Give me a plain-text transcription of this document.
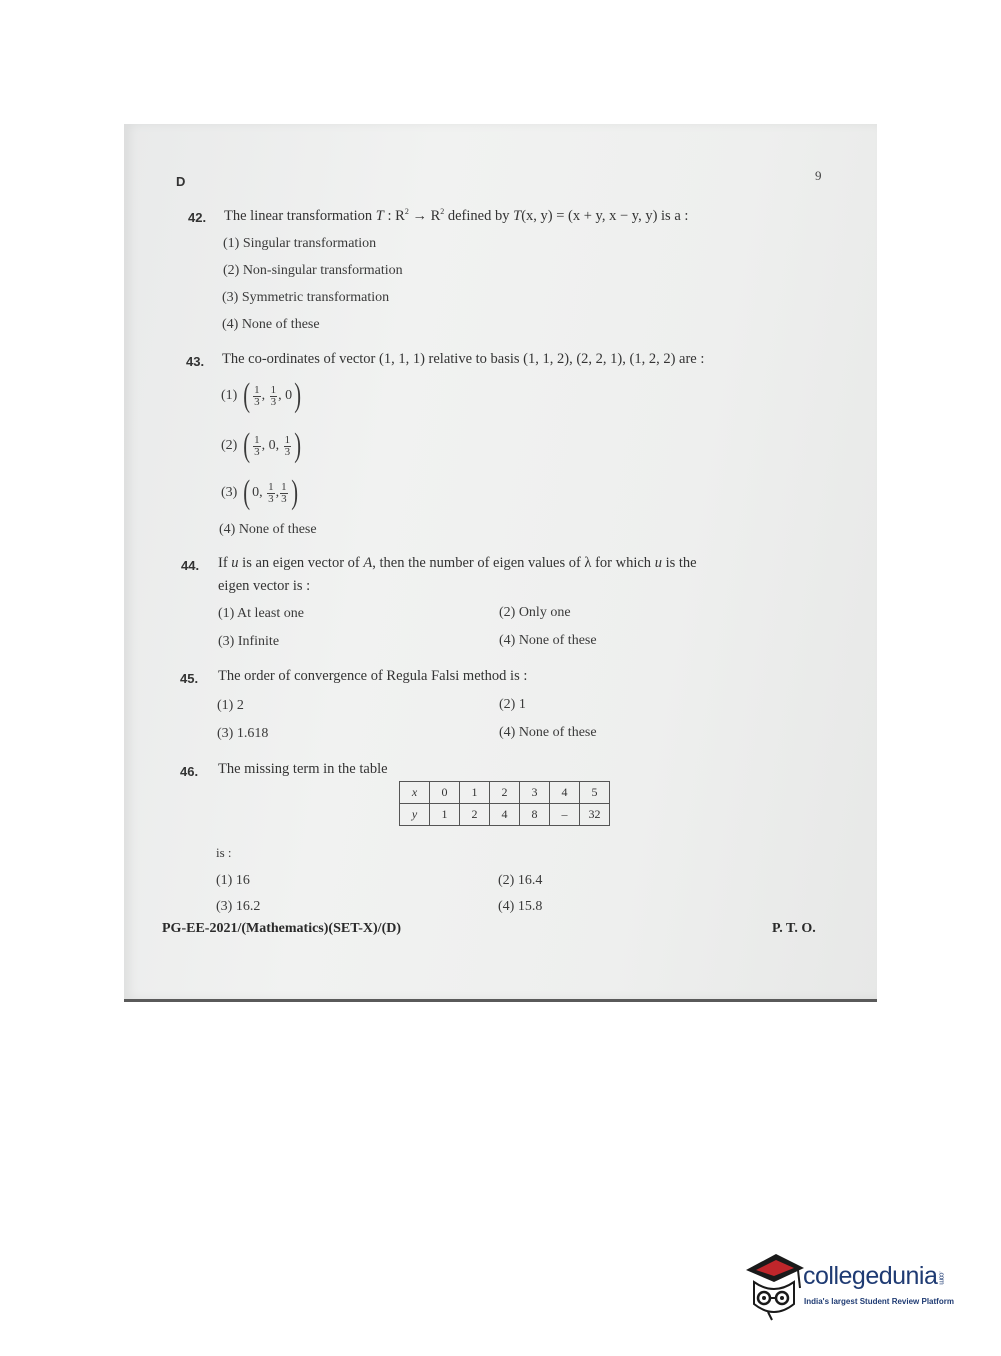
D	9
42. The linear transformation T : $R^2 \to R^2$ defined by T(x, y) = (x + y, x − y, y) is a :
(1) Singular transformation
(2) Non-singular transformation
(3) Symmetric transformation
(4) None of these
43. The co-ordinates of vector (1, 1, 1) relative to basis (1, 1, 2), (2, 2, 1), (1, 2, 2) are :
(1)
( $\frac{1}{3}$ , $\frac{1}{3}$ , 0 )
(2)
( $\frac{1}{3}$ , 0 , $\frac{1}{3}$ )
(3)
( 0 , $\frac{1}{3}$ , $\frac{1}{3}$ )
(4) None of these
44. If u is an eigen vector of A, then the number of eigen values of λ for which u is the
eigen vector is :
(1) At least one	(2) Only one
(3) Infinite	(4) None of these
45. The order of convergence of Regula Falsi method is :
(1) 2	(2) 1
(3) 1.618	(4) None of these
46. The missing term in the table
x	0	1	2	3	4	5
y	1	2	4	8	–	32
is :
(1) 16	(2) 16.4
(3) 16.2	(4) 15.8
PG-EE-2021/(Mathematics)(SET-X)/(D)	P. T. O.
collegedunia.com
India's largest Student Review Platform
